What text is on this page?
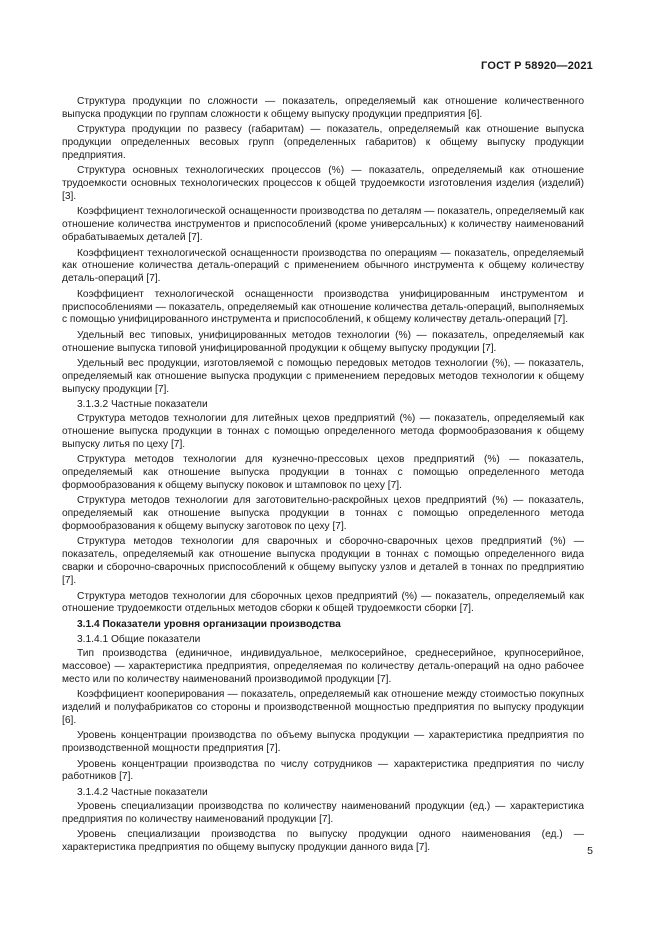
ГОСТ Р 58920—2021

Структура продукции по сложности — показатель, определяемый как отношение количественного выпуска продукции по группам сложности к общему выпуску продукции предприятия [6].

Структура продукции по развесу (габаритам) — показатель, определяемый как отношение выпуска продукции определенных весовых групп (определенных габаритов) к общему выпуску продукции предприятия.

Структура основных технологических процессов (%) — показатель, определяемый как отношение трудоемкости основных технологических процессов к общей трудоемкости изготовления изделия (изделий) [3].

Коэффициент технологической оснащенности производства по деталям — показатель, определяемый как отношение количества инструментов и приспособлений (кроме универсальных) к количеству наименований обрабатываемых деталей [7].

Коэффициент технологической оснащенности производства по операциям — показатель, определяемый как отношение количества деталь-операций с применением обычного инструмента к общему количеству деталь-операций [7].

Коэффициент технологической оснащенности производства унифицированным инструментом и приспособлениями — показатель, определяемый как отношение количества деталь-операций, выполняемых с помощью унифицированного инструмента и приспособлений, к общему количеству деталь-операций [7].

Удельный вес типовых, унифицированных методов технологии (%) — показатель, определяемый как отношение выпуска типовой унифицированной продукции к общему выпуску продукции [7].

Удельный вес продукции, изготовляемой с помощью передовых методов технологии (%), — показатель, определяемый как отношение выпуска продукции с применением передовых методов технологии к общему выпуску продукции [7].

3.1.3.2 Частные показатели

Структура методов технологии для литейных цехов предприятий (%) — показатель, определяемый как отношение выпуска продукции в тоннах с помощью определенного метода формообразования к общему выпуску литья по цеху [7].

Структура методов технологии для кузнечно-прессовых цехов предприятий (%) — показатель, определяемый как отношение выпуска продукции в тоннах с помощью определенного метода формообразования к общему выпуску поковок и штамповок по цеху [7].

Структура методов технологии для заготовительно-раскройных цехов предприятий (%) — показатель, определяемый как отношение выпуска продукции в тоннах с помощью определенного метода формообразования к общему выпуску заготовок по цеху [7].

Структура методов технологии для сварочных и сборочно-сварочных цехов предприятий (%) — показатель, определяемый как отношение выпуска продукции в тоннах с помощью определенного вида сварки и сборочно-сварочных приспособлений к общему выпуску узлов и деталей в тоннах по предприятию [7].

Структура методов технологии для сборочных цехов предприятий (%) — показатель, определяемый как отношение трудоемкости отдельных методов сборки к общей трудоемкости сборки [7].

3.1.4 Показатели уровня организации производства

3.1.4.1 Общие показатели

Тип производства (единичное, индивидуальное, мелкосерийное, среднесерийное, крупносерийное, массовое) — характеристика предприятия, определяемая по количеству деталь-операций на одно рабочее место или по количеству наименований производимой продукции [7].

Коэффициент кооперирования — показатель, определяемый как отношение между стоимостью покупных изделий и полуфабрикатов со стороны и производственной мощностью предприятия по выпуску продукции [6].

Уровень концентрации производства по объему выпуска продукции — характеристика предприятия по производственной мощности предприятия [7].

Уровень концентрации производства по числу сотрудников — характеристика предприятия по числу работников [7].

3.1.4.2 Частные показатели

Уровень специализации производства по количеству наименований продукции (ед.) — характеристика предприятия по количеству наименований продукции [7].

Уровень специализации производства по выпуску продукции одного наименования (ед.) — характеристика предприятия по общему выпуску продукции данного вида [7].	5
